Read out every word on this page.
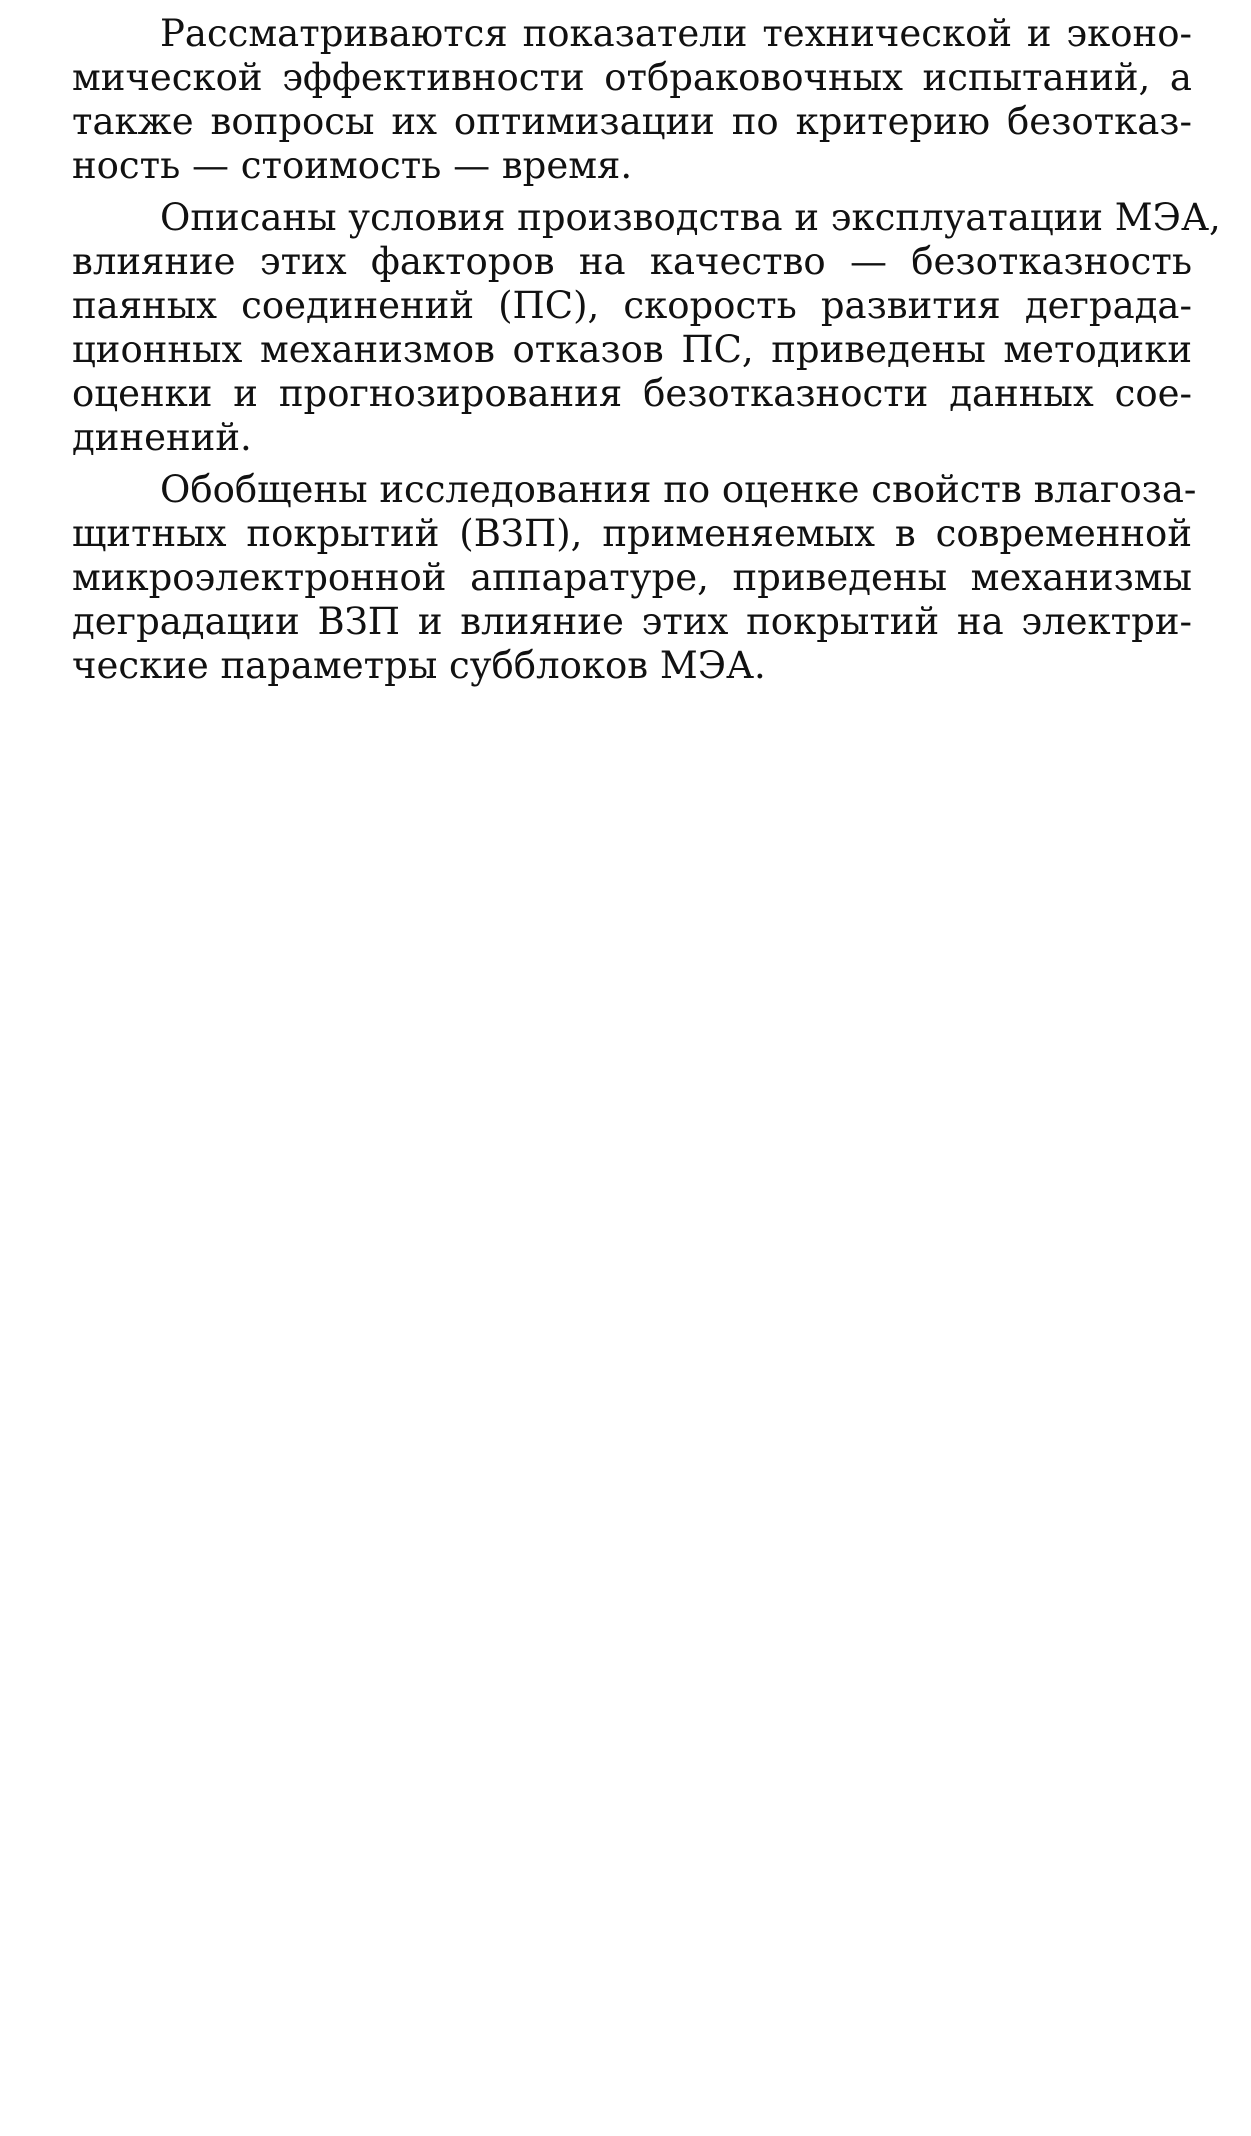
Рассматриваются показатели технической и эконо-
мической эффективности отбраковочных испытаний, а
также вопросы их оптимизации по критерию безотказ-
ность — стоимость — время.
Описаны условия производства и эксплуатации МЭА,
влияние этих факторов на качество — безотказность
паяных соединений (ПС), скорость развития деграда-
ционных механизмов отказов ПС, приведены методики
оценки и прогнозирования безотказности данных сое-
динений.
Обобщены исследования по оценке свойств влагоза-
щитных покрытий (ВЗП), применяемых в современной
микроэлектронной аппаратуре, приведены механизмы
деградации ВЗП и влияние этих покрытий на электри-
ческие параметры субблоков МЭА.
